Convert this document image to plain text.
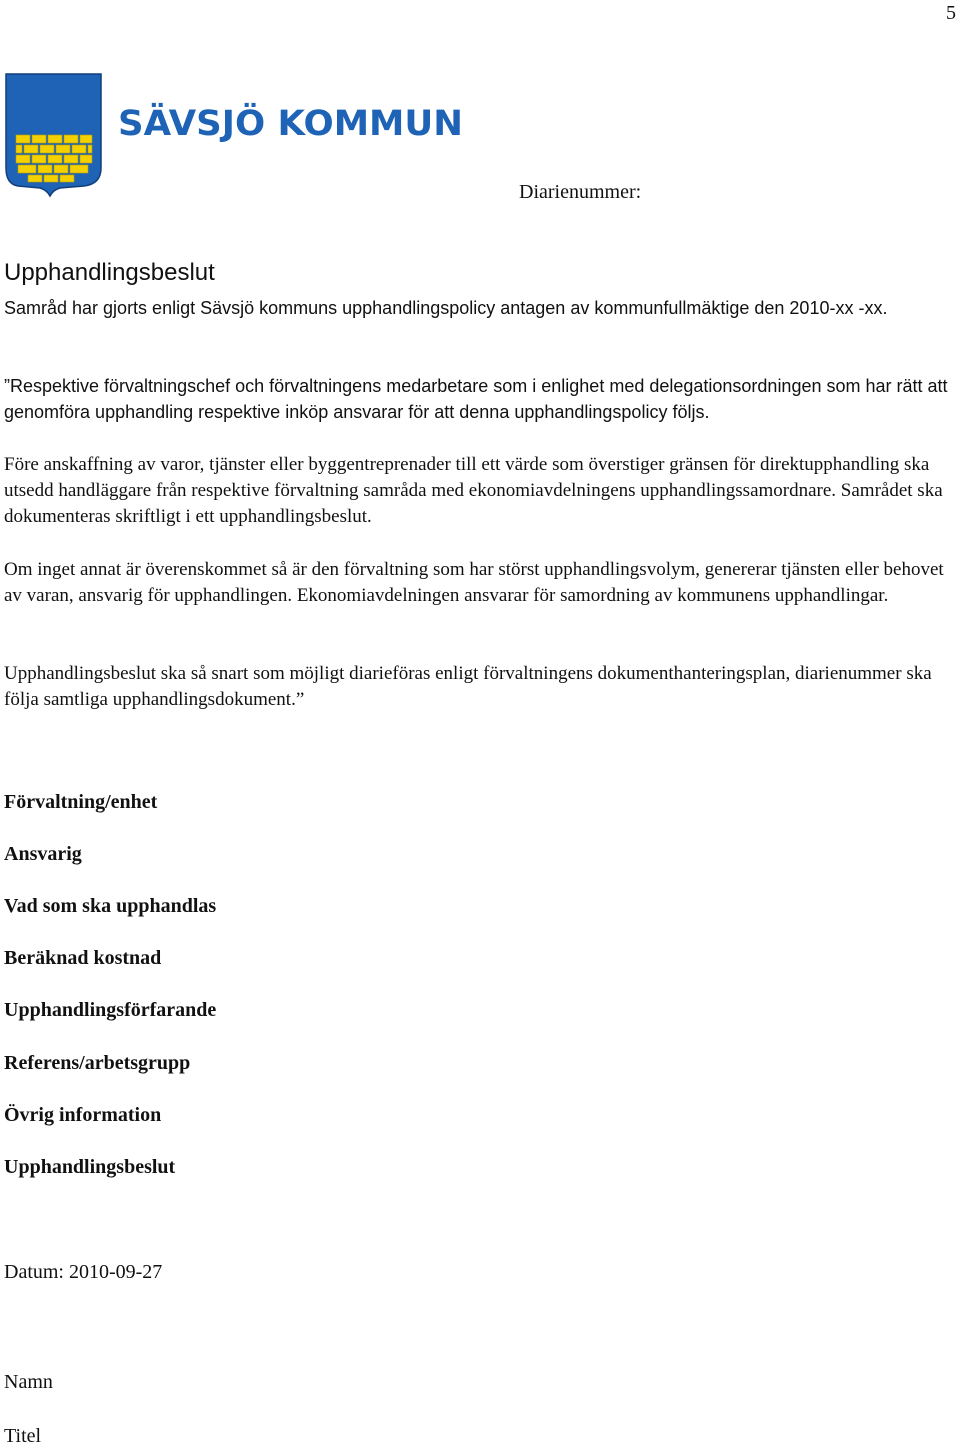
5
SÄVSJÖ KOMMUN
Diarienummer:
Upphandlingsbeslut

Samråd har gjorts enligt Sävsjö kommuns upphandlingspolicy antagen av kommunfullmäktige den 2010-xx -xx.

”Respektive förvaltningschef och förvaltningens medarbetare som i enlighet med delegationsordningen som har rätt att genomföra upphandling respektive inköp ansvarar för att denna upphandlingspolicy följs.

Före anskaffning av varor, tjänster eller byggentreprenader till ett värde som överstiger gränsen för direktupphandling ska utsedd handläggare från respektive förvaltning samråda med ekonomiavdelningens upphandlingssamordnare. Samrådet ska dokumenteras skriftligt i ett upphandlingsbeslut.

Om inget annat är överenskommet så är den förvaltning som har störst upphandlingsvolym, genererar tjänsten eller behovet av varan, ansvarig för upphandlingen. Ekonomiavdelningen ansvarar för samordning av kommunens upphandlingar.

Upphandlingsbeslut ska så snart som möjligt diarieföras enligt förvaltningens dokumenthanteringsplan, diarienummer ska följa samtliga upphandlingsdokument.”

Förvaltning/enhet
Ansvarig
Vad som ska upphandlas
Beräknad kostnad
Upphandlingsförfarande
Referens/arbetsgrupp
Övrig information
Upphandlingsbeslut
Datum: 2010-09-27
Namn
Titel
